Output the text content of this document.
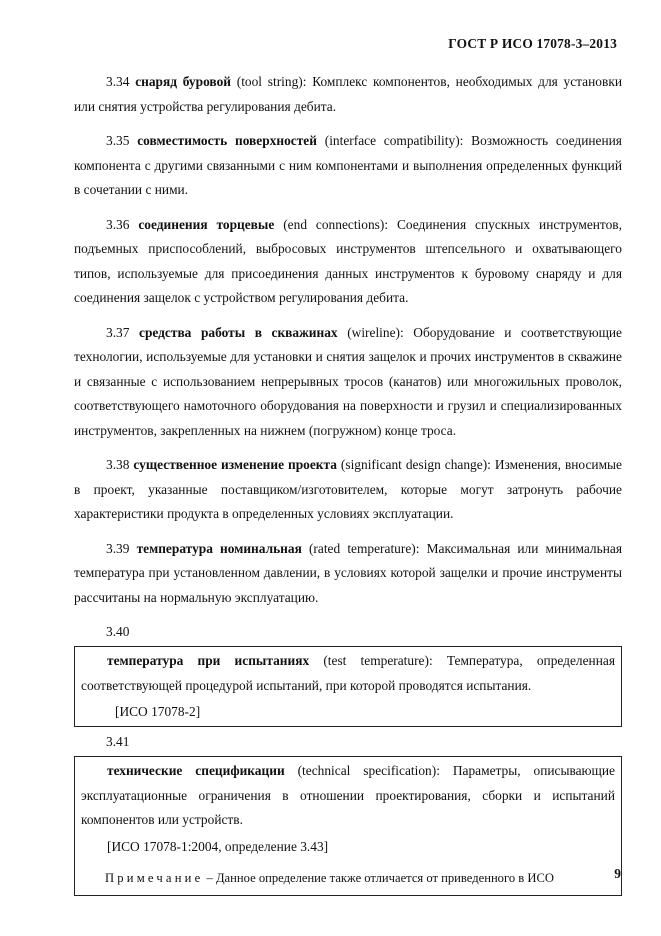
ГОСТ Р ИСО 17078-3–2013

3.34 снаряд буровой (tool string): Комплекс компонентов, необходимых для установки или снятия устройства регулирования дебита.

3.35 совместимость поверхностей (interface compatibility): Возможность соединения компонента с другими связанными с ним компонентами и выполнения определенных функций в сочетании с ними.

3.36 соединения торцевые (end connections): Соединения спускных инструментов, подъемных приспособлений, выбросовых инструментов штепсельного и охватывающего типов, используемые для присоединения данных инструментов к буровому снаряду и для соединения защелок с устройством регулирования дебита.

3.37 средства работы в скважинах (wireline): Оборудование и соответствующие технологии, используемые для установки и снятия защелок и прочих инструментов в скважине и связанные с использованием непрерывных тросов (канатов) или многожильных проволок, соответствующего намоточного оборудования на поверхности и грузил и специализированных инструментов, закрепленных на нижнем (погружном) конце троса.

3.38 существенное изменение проекта (significant design change): Изменения, вносимые в проект, указанные поставщиком/изготовителем, которые могут затронуть рабочие характеристики продукта в определенных условиях эксплуатации.

3.39 температура номинальная (rated temperature): Максимальная или минимальная температура при установленном давлении, в условиях которой защелки и прочие инструменты рассчитаны на нормальную эксплуатацию.

3.40

температура при испытаниях (test temperature): Температура, определенная соответствующей процедурой испытаний, при которой проводятся испытания.

[ИСО 17078-2]

3.41

технические спецификации (technical specification): Параметры, описывающие эксплуатационные ограничения в отношении проектирования, сборки и испытаний компонентов или устройств.

[ИСО 17078-1:2004, определение 3.43]

Примечание – Данное определение также отличается от приведенного в ИСО	9
